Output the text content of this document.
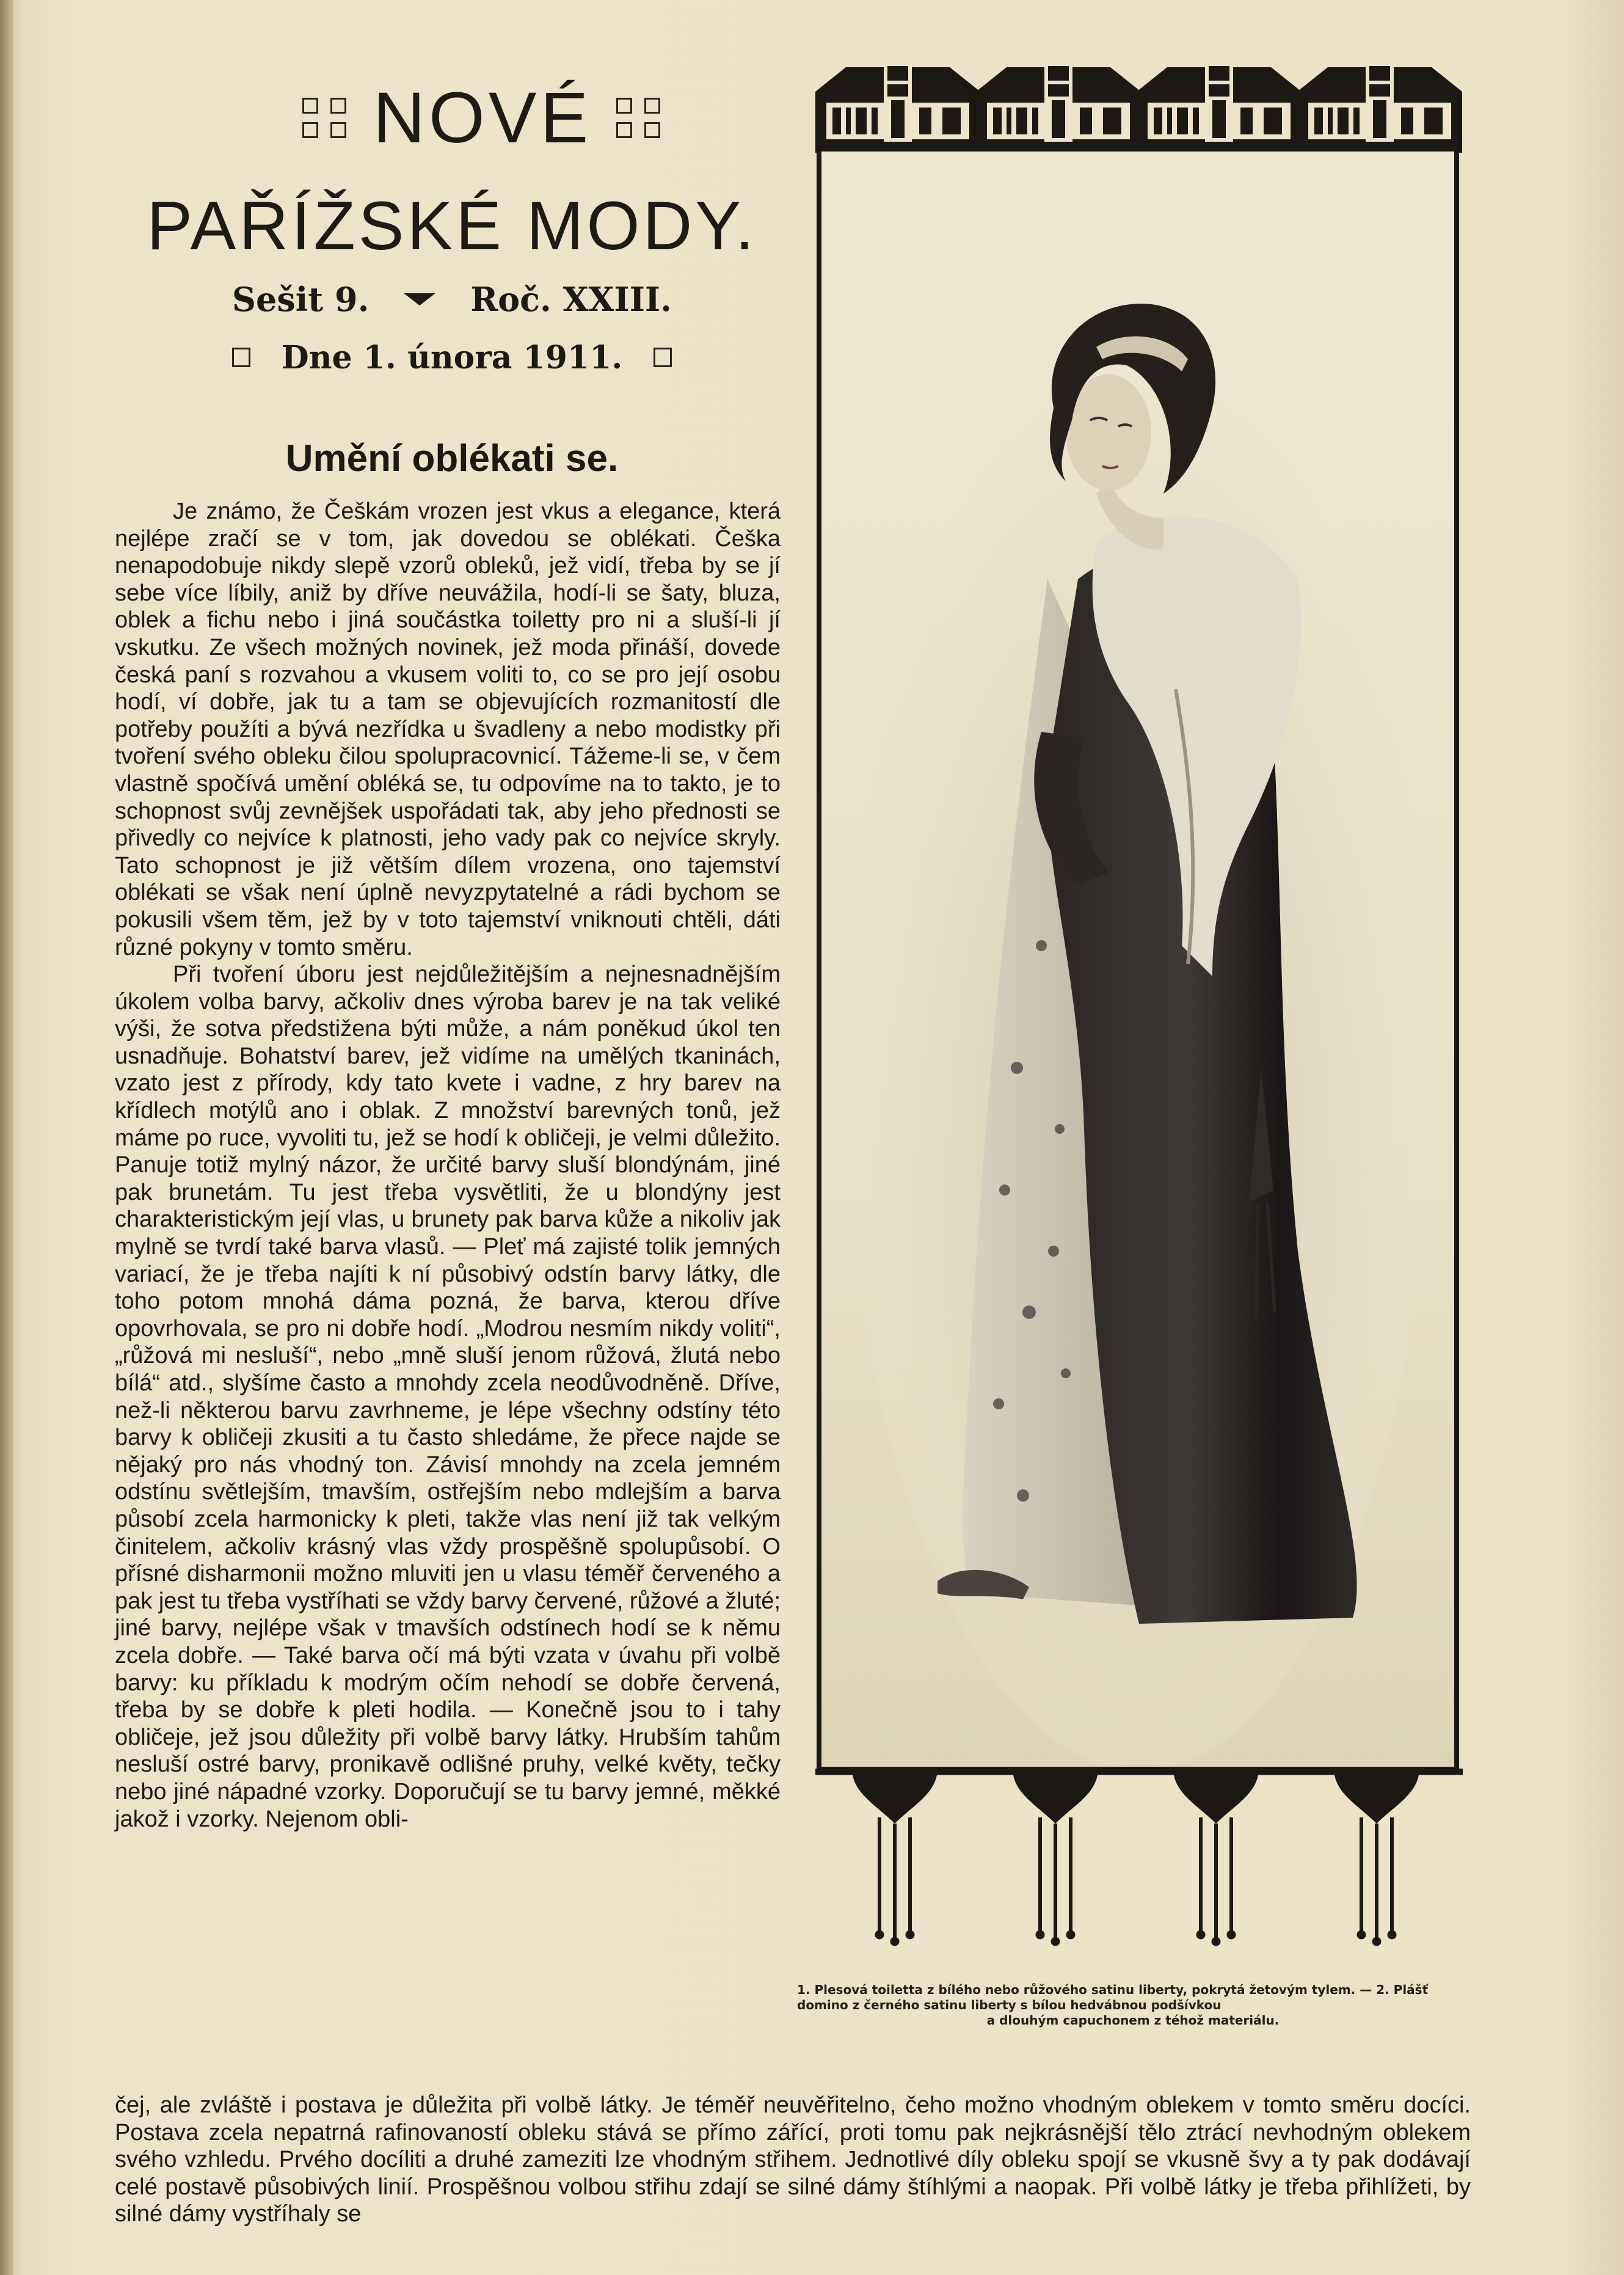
NOVÉ
PAŘÍŽSKÉ MODY.
Sešit 9.	Roč. XXIII.
Dne 1. února 1911.
Umění oblékati se.

Je známo, že Češkám vrozen jest vkus a elegance, která nejlépe zračí se v tom, jak dovedou se oblékati. Češka nenapodobuje nikdy slepě vzorů obleků, jež vidí, třeba by se jí sebe více líbily, aniž by dříve neuvážila, hodí-li se šaty, bluza, oblek a fichu nebo i jiná součástka toiletty pro ni a sluší-li jí vskutku. Ze všech možných novinek, jež moda přináší, dovede česká paní s rozvahou a vkusem voliti to, co se pro její osobu hodí, ví dobře, jak tu a tam se objevujících rozmanitostí dle potřeby použíti a bývá nezřídka u švadleny a nebo modistky při tvoření svého obleku čilou spolupracovnicí. Tážeme-li se, v čem vlastně spočívá umění obléká se, tu odpovíme na to takto, je to schopnost svůj zevnějšek uspořádati tak, aby jeho přednosti se přivedly co nejvíce k platnosti, jeho vady pak co nejvíce skryly. Tato schopnost je již větším dílem vrozena, ono tajemství oblékati se však není úplně nevyzpytatelné a rádi bychom se pokusili všem těm, jež by v toto tajemství vniknouti chtěli, dáti různé pokyny v tomto směru.

Při tvoření úboru jest nejdůležitějším a nejnesnadnějším úkolem volba barvy, ačkoliv dnes výroba barev je na tak veliké výši, že sotva předstižena býti může, a nám poněkud úkol ten usnadňuje. Bohatství barev, jež vidíme na umělých tkaninách, vzato jest z přírody, kdy tato kvete i vadne, z hry barev na křídlech motýlů ano i oblak. Z množství barevných tonů, jež máme po ruce, vyvoliti tu, jež se hodí k obličeji, je velmi důležito. Panuje totiž mylný názor, že určité barvy sluší blondýnám, jiné pak brunetám. Tu jest třeba vysvětliti, že u blondýny jest charakteristickým její vlas, u brunety pak barva kůže a nikoliv jak mylně se tvrdí také barva vlasů. — Pleť má zajisté tolik jemných variací, že je třeba najíti k ní působivý odstín barvy látky, dle toho potom mnohá dáma pozná, že barva, kterou dříve opovrhovala, se pro ni dobře hodí. „Modrou nesmím nikdy voliti“, „růžová mi nesluší“, nebo „mně sluší jenom růžová, žlutá nebo bílá“ atd., slyšíme často a mnohdy zcela neodůvodněně. Dříve, než-li některou barvu zavrhneme, je lépe všechny odstíny této barvy k obličeji zkusiti a tu často shledáme, že přece najde se nějaký pro nás vhodný ton. Závisí mnohdy na zcela jemném odstínu světlejším, tmavším, ostřejším nebo mdlejším a barva působí zcela harmonicky k pleti, takže vlas není již tak velkým činitelem, ačkoliv krásný vlas vždy prospěšně spolupůsobí. O přísné disharmonii možno mluviti jen u vlasu téměř červeného a pak jest tu třeba vystříhati se vždy barvy červené, růžové a žluté; jiné barvy, nejlépe však v tmavších odstínech hodí se k němu zcela dobře. — Také barva očí má býti vzata v úvahu při volbě barvy: ku příkladu k modrým očím nehodí se dobře červená, třeba by se dobře k pleti hodila. — Konečně jsou to i tahy obličeje, jež jsou důležity při volbě barvy látky. Hrubším tahům nesluší ostré barvy, pronikavě odlišné pruhy, velké květy, tečky nebo jiné nápadné vzorky. Doporučují se tu barvy jemné, měkké jakož i vzorky. Nejenom obli-

čej, ale zvláště i postava je důležita při volbě látky. Je téměř neuvěřitelno, čeho možno vhodným oblekem v tomto směru docíci. Postava zcela nepatrná rafinovaností obleku stává se přímo zářící, proti tomu pak nejkrásnější tělo ztrácí nevhodným oblekem svého vzhledu. Prvého docíliti a druhé zameziti lze vhodným střihem. Jednotlivé díly obleku spojí se vkusně švy a ty pak dodávají celé postavě působivých linií. Prospěšnou volbou střihu zdají se silné dámy štíhlými a naopak. Při volbě látky je třeba přihlížeti, by silné dámy vystříhaly se

1. Plesová toiletta z bílého nebo růžového satinu liberty, pokrytá žetovým tylem. — 2. Plášť domino z černého satinu liberty s bílou hedvábnou podšívkou
a dlouhým capuchonem z téhož materiálu.
